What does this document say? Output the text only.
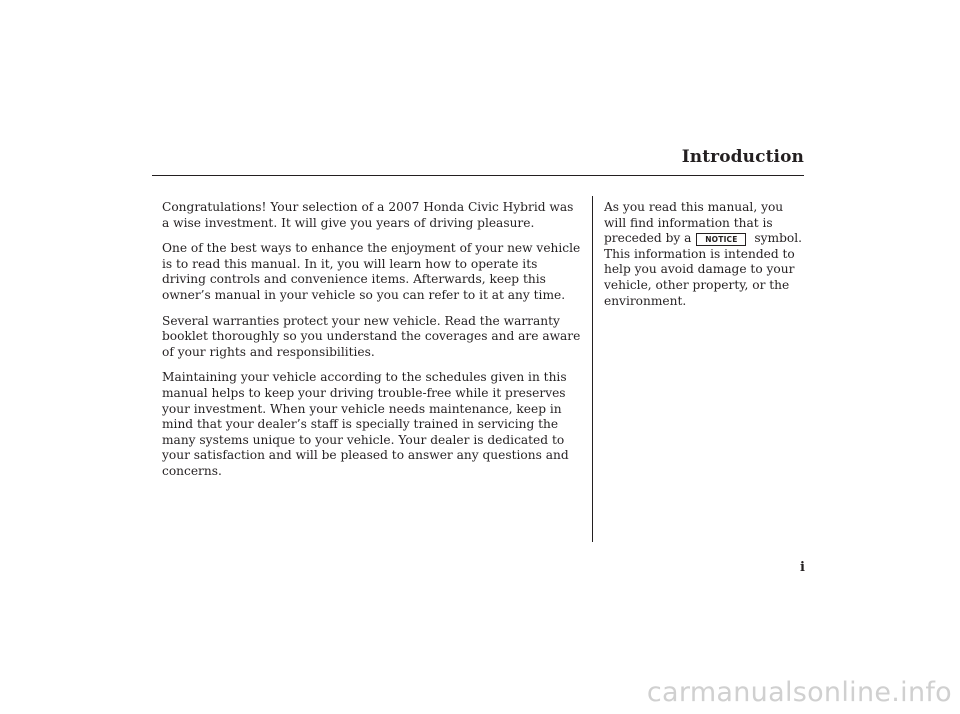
Introduction

Congratulations! Your selection of a 2007 Honda Civic Hybrid was a wise investment. It will give you years of driving pleasure.

One of the best ways to enhance the enjoyment of your new vehicle is to read this manual. In it, you will learn how to operate its driving controls and convenience items. Afterwards, keep this owner’s manual in your vehicle so you can refer to it at any time.

Several warranties protect your new vehicle. Read the warranty booklet thoroughly so you understand the coverages and are aware of your rights and responsibilities.

Maintaining your vehicle according to the schedules given in this manual helps to keep your driving trouble-free while it preserves your investment. When your vehicle needs maintenance, keep in mind that your dealer’s staff is specially trained in servicing the many systems unique to your vehicle. Your dealer is dedicated to your satisfaction and will be pleased to answer any questions and concerns.

As you read this manual, you will find information that is preceded by a NOTICE symbol. This information is intended to help you avoid damage to your vehicle, other property, or the environment.
i
carmanualsonline.info
